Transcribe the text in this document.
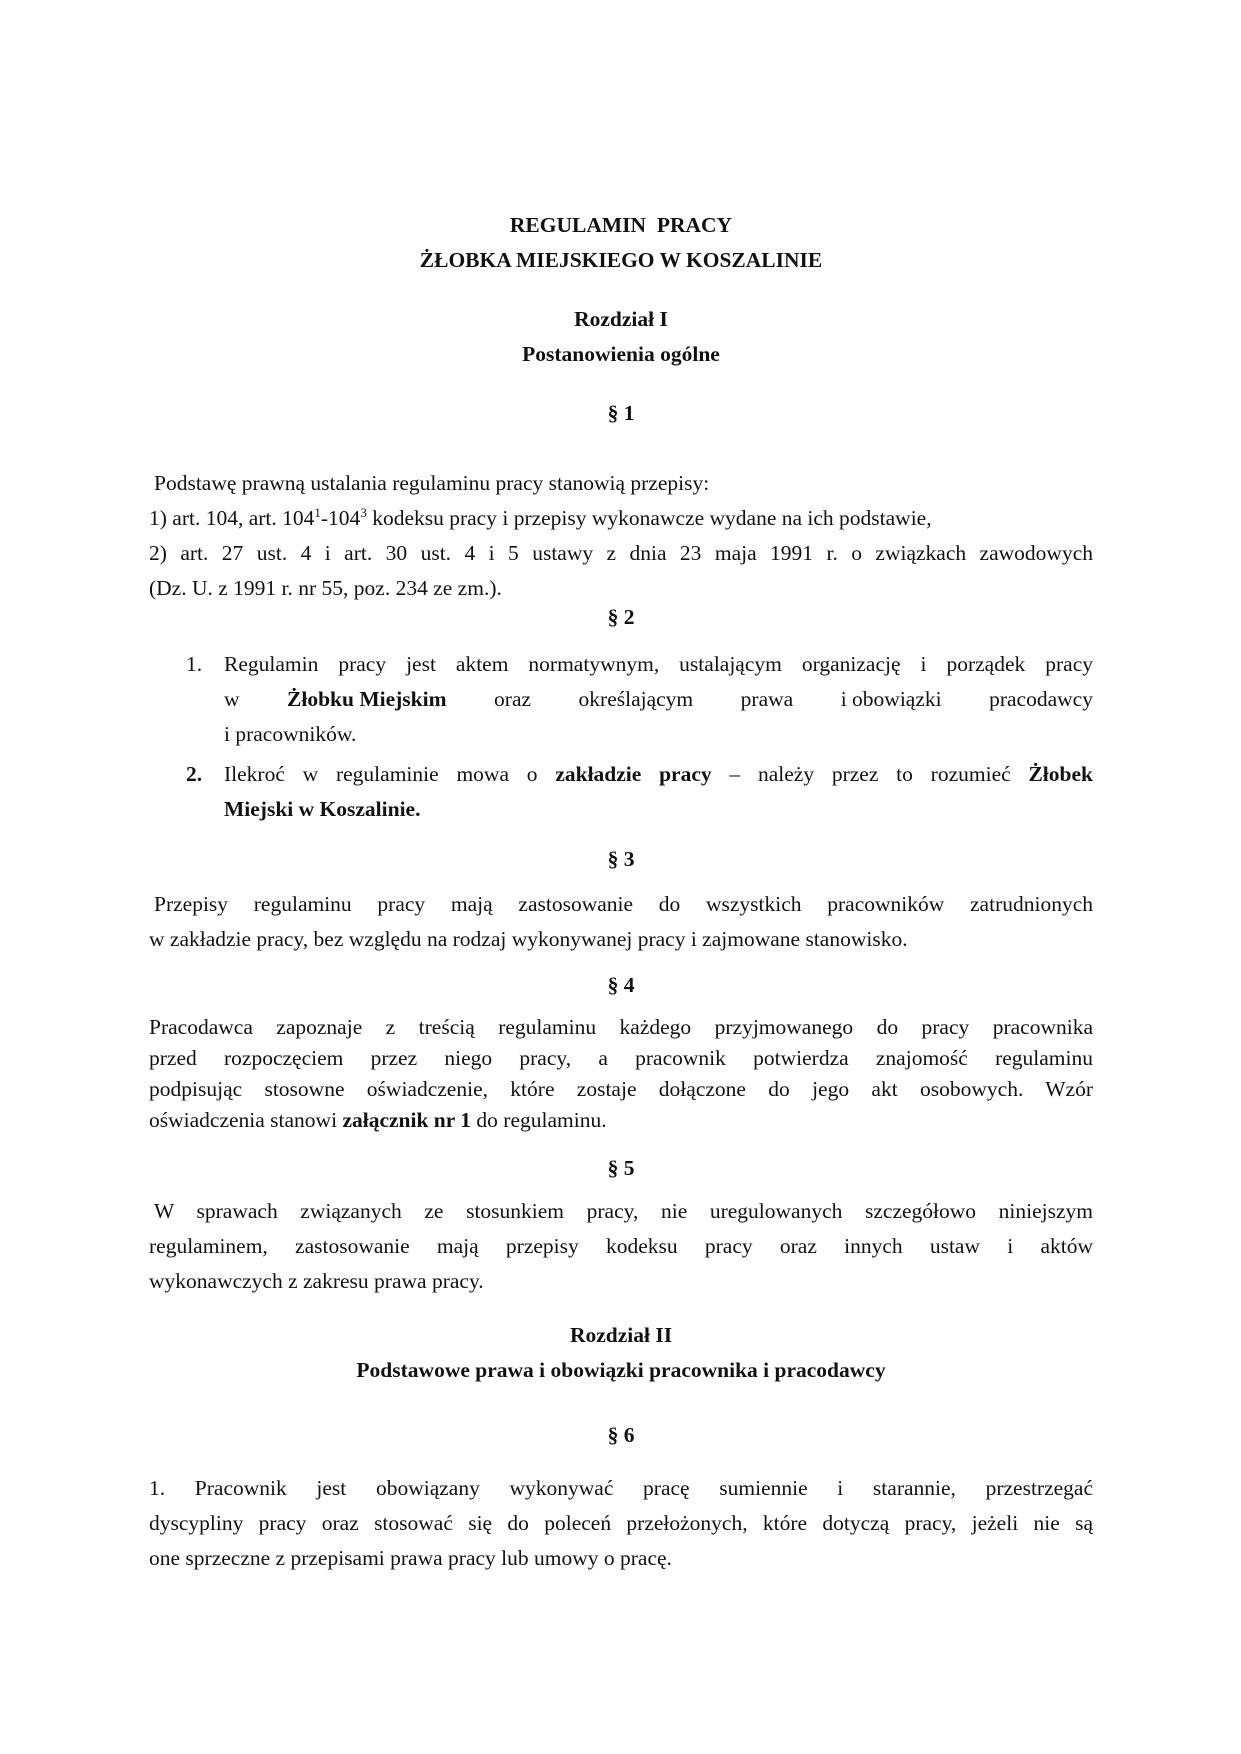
REGULAMIN  PRACY
ŻŁOBKA MIEJSKIEGO W KOSZALINIE
Rozdział I
Postanowienia ogólne
§ 1
Podstawę prawną ustalania regulaminu pracy stanowią przepisy:
1) art. 104, art. $104^1-104^3$ kodeksu pracy i przepisy wykonawcze wydane na ich podstawie,
2) art. 27 ust. 4 i art. 30 ust. 4 i 5 ustawy z dnia 23 maja 1991 r. o związkach zawodowych
(Dz. U. z 1991 r. nr 55, poz. 234 ze zm.).
§ 2
1.	Regulamin pracy jest aktem normatywnym, ustalającym organizację i porządek pracy
w Żłobku Miejskim oraz określającym prawa i obowiązki pracodawcy
i pracowników.
2.	Ilekroć w regulaminie mowa o zakładzie pracy – należy przez to rozumieć Żłobek
Miejski w Koszalinie.
§ 3
Przepisy regulaminu pracy mają zastosowanie do wszystkich pracowników zatrudnionych
w zakładzie pracy, bez względu na rodzaj wykonywanej pracy i zajmowane stanowisko.
§ 4
Pracodawca zapoznaje z treścią regulaminu każdego przyjmowanego do pracy pracownika
przed rozpoczęciem przez niego pracy, a pracownik potwierdza znajomość regulaminu
podpisując stosowne oświadczenie, które zostaje dołączone do jego akt osobowych. Wzór
oświadczenia stanowi załącznik nr 1 do regulaminu.
§ 5
W sprawach związanych ze stosunkiem pracy, nie uregulowanych szczegółowo niniejszym
regulaminem, zastosowanie mają przepisy kodeksu pracy oraz innych ustaw i aktów
wykonawczych z zakresu prawa pracy.
Rozdział II
Podstawowe prawa i obowiązki pracownika i pracodawcy
§ 6
1. Pracownik jest obowiązany wykonywać pracę sumiennie i starannie, przestrzegać
dyscypliny pracy oraz stosować się do poleceń przełożonych, które dotyczą pracy, jeżeli nie są
one sprzeczne z przepisami prawa pracy lub umowy o pracę.
